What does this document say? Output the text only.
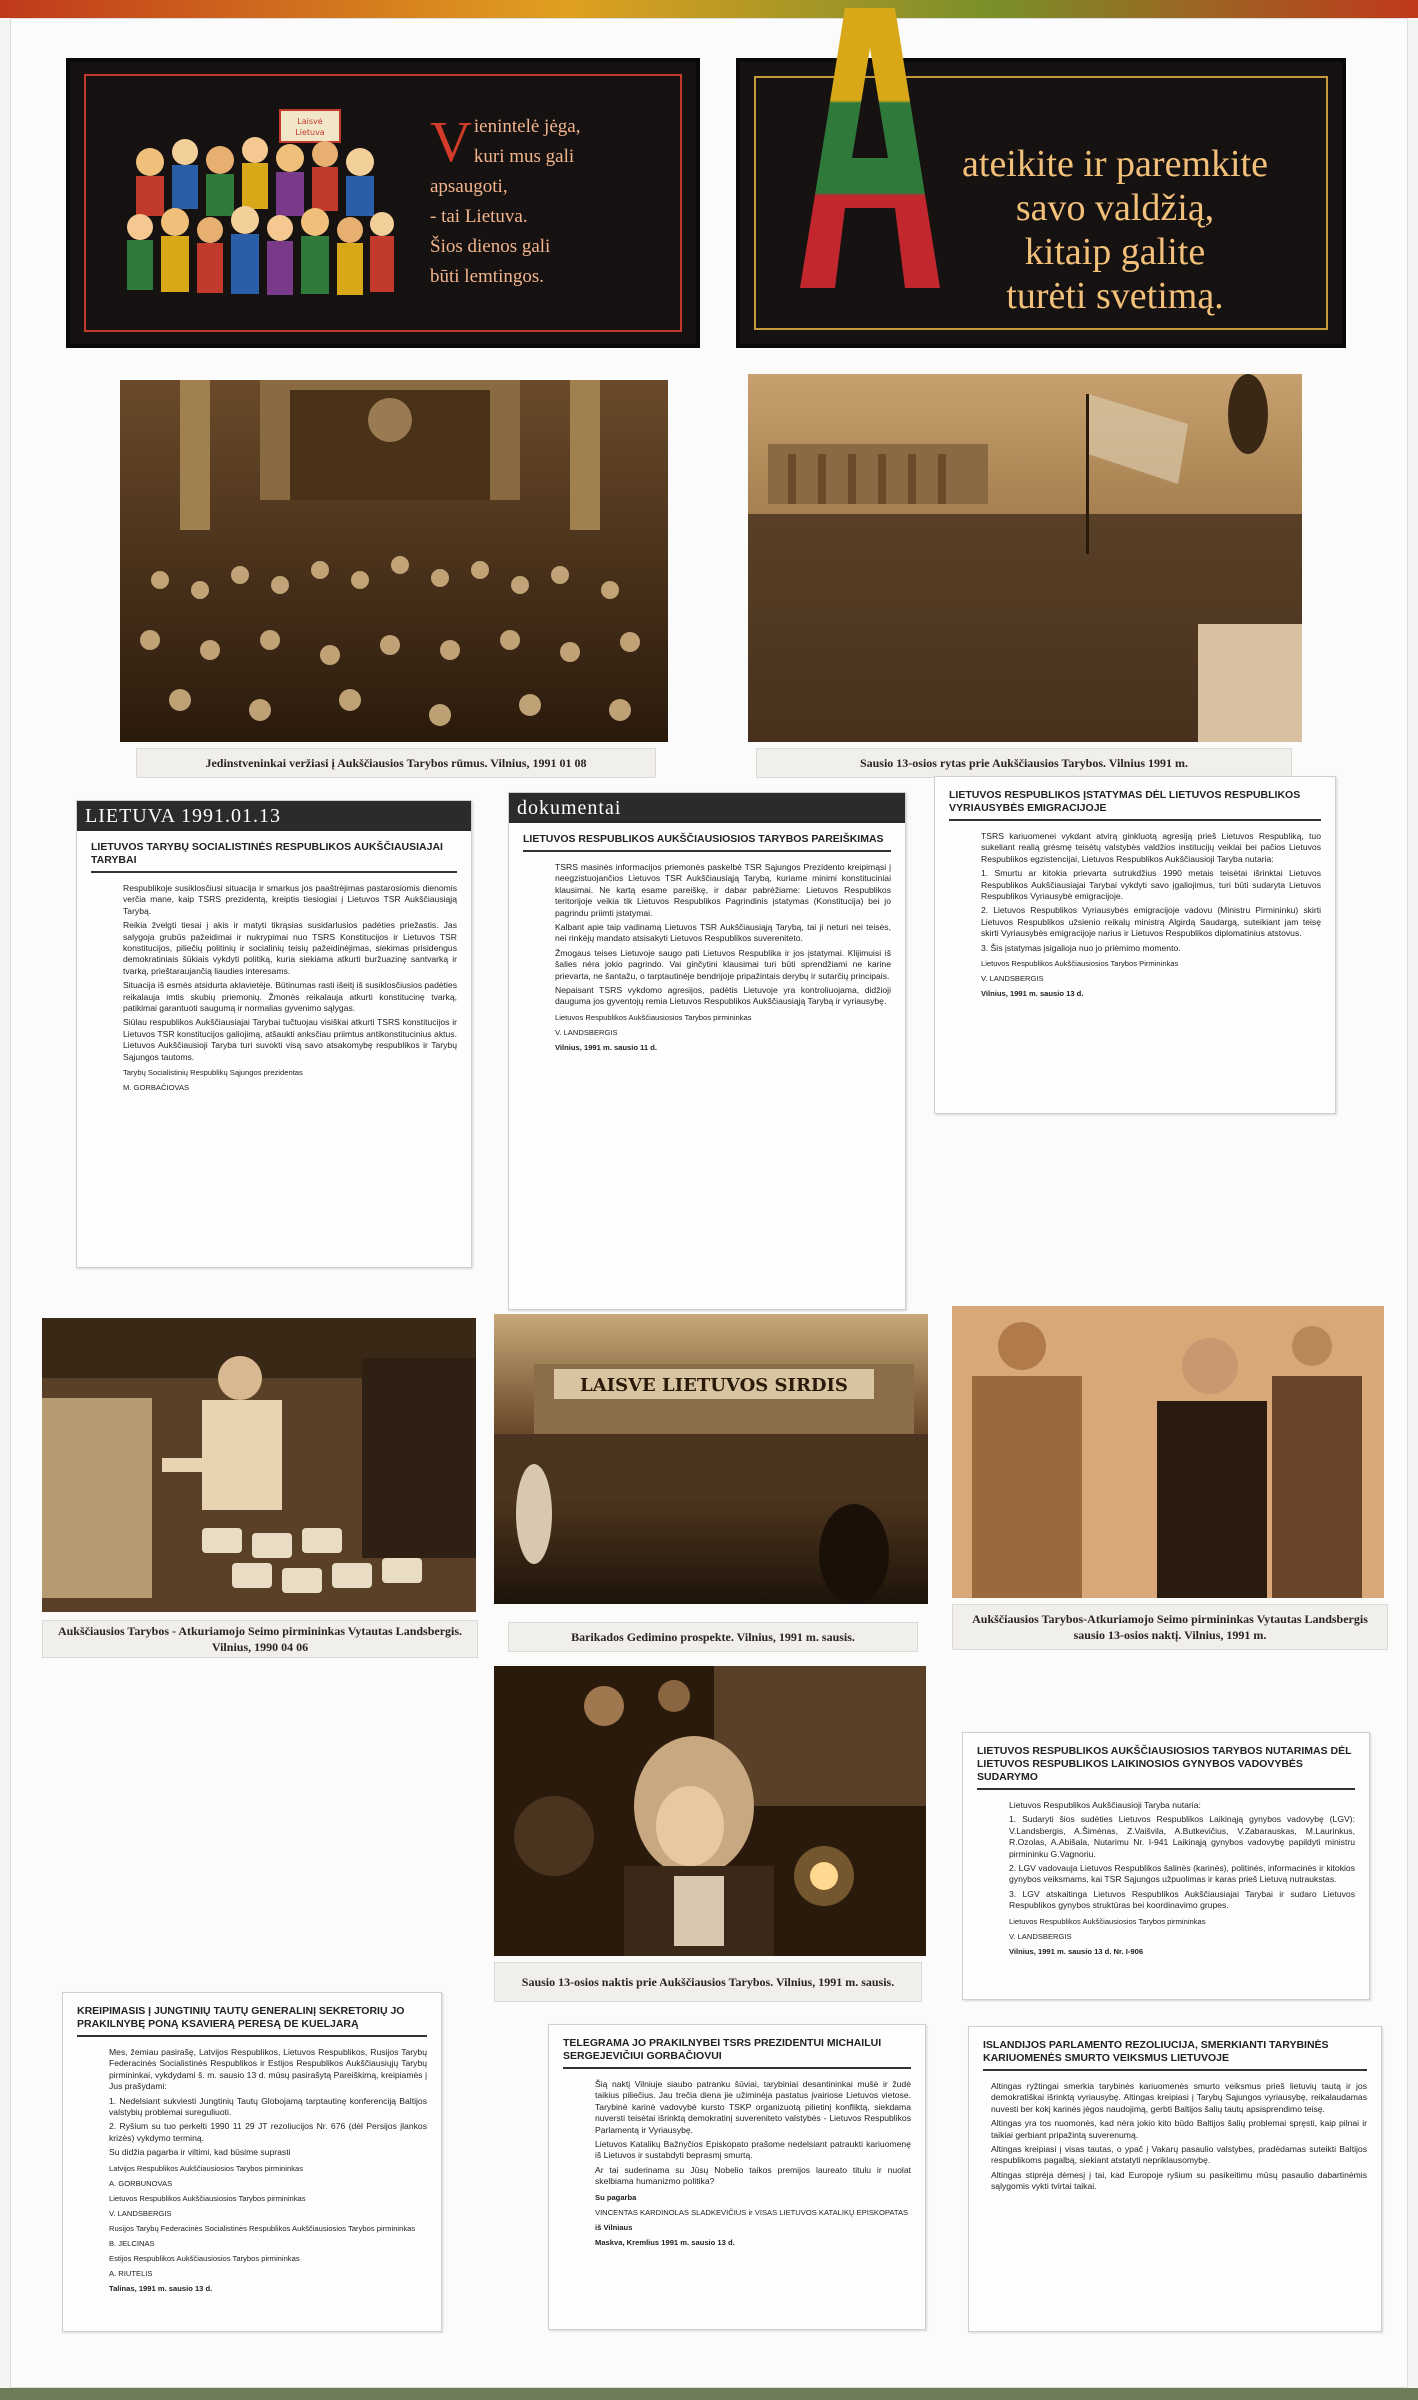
Laisvė
Lietuva V ienintelė jėga,
kuri mus gali
apsaugoti,
- tai Lietuva.
Šios dienos gali
būti lemtingos.
ateikite ir paremkite
savo valdžią,
kitaip galite
turėti svetimą.
Jedinstveninkai veržiasi į Aukščiausios Tarybos rūmus. Vilnius, 1991 01 08	Sausio 13-osios rytas prie Aukščiausios Tarybos. Vilnius 1991 m.
LIETUVA 1991.01.13
LIETUVOS TARYBŲ SOCIALISTINĖS RESPUBLIKOS AUKŠČIAUSIAJAI TARYBAI

Respublikoje susiklosčiusi situacija ir smarkus jos paaštrėjimas pastarosiomis dienomis verčia mane, kaip TSRS prezidentą, kreiptis tiesiogiai į Lietuvos TSR Aukščiausiąją Tarybą.

Reikia žvelgti tiesai į akis ir matyti tikrąsias susidarlusios padėties priežastis. Jas salygoja grubūs pažeidimai ir nukrypimai nuo TSRS Konstitucijos ir Lietuvos TSR konstitucijos, piliečių politinių ir socialinių teisių pažeidinėjimas, siekimas prisidengus demokratiniais šūkiais vykdyti politiką, kuria siekiama atkurti buržuazinę santvarką ir tvarką, prieštaraujančią liaudies interesams.

Situacija iš esmės atsidurta aklavietėje. Būtinumas rasti išeitį iš susiklosčiusios padėties reikalauja imtis skubių priemonių. Žmonės reikalauja atkurti konstitucinę tvarką, patikimai garantuoti saugumą ir normalias gyvenimo sąlygas.

Siūlau respublikos Aukščiausiajai Tarybai tučtuojau visiškai atkurti TSRS konstitucijos ir Lietuvos TSR konstitucijos galiojimą, atšaukti anksčiau priimtus antikonstitucinius aktus. Lietuvos Aukščiausioji Taryba turi suvokti visą savo atsakomybę respublikos ir Tarybų Sąjungos tautoms.

Tarybų Socialistinių Respublikų Sąjungos prezidentas
M. GORBAČIOVAS
dokumentai
LIETUVOS RESPUBLIKOS AUKŠČIAUSIOSIOS TARYBOS PAREIŠKIMAS

TSRS masinės informacijos priemonės paskelbė TSR Sąjungos Prezidento kreipimąsi į neegzistuojančios Lietuvos TSR Aukščiausiąją Tarybą, kuriame minimi konstituciniai klausimai. Ne kartą esame pareiškę, ir dabar pabrėžiame: Lietuvos Respublikos teritorijoje veikia tik Lietuvos Respublikos Pagrindinis įstatymas (Konstitucija) bei jo pagrindu priimti įstatymai.

Kalbant apie taip vadinamą Lietuvos TSR Aukščiausiąją Tarybą, tai ji neturi nei teisės, nei rinkėjų mandato atsisakyti Lietuvos Respublikos suvereniteto.

Žmogaus teises Lietuvoje saugo pati Lietuvos Respublika ir jos įstatymai. Klijimuisi iš šalies nėra jokio pagrindo. Vai ginčytini klausimai turi būti sprendžiami ne karine prievarta, ne šantažu, o tarptautinėje bendrijoje pripažintais derybų ir sutarčių principais.

Nepaisant TSRS vykdomo agresijos, padėtis Lietuvoje yra kontroliuojama, didžioji dauguma jos gyventojų remia Lietuvos Respublikos Aukščiausiąją Tarybą ir vyriausybę.

Lietuvos Respublikos Aukščiausiosios Tarybos pirmininkas
V. LANDSBERGIS
Vilnius, 1991 m. sausio 11 d.
LIETUVOS RESPUBLIKOS ĮSTATYMAS DĖL LIETUVOS RESPUBLIKOS VYRIAUSYBĖS EMIGRACIJOJE

TSRS kariuomenei vykdant atvirą ginkluotą agresiją prieš Lietuvos Respubliką, tuo sukeliant realią grėsmę teisėtų valstybės valdžios institucijų veiklai bei pačios Lietuvos Respublikos egzistencijai, Lietuvos Respublikos Aukščiausioji Taryba nutaria:

1. Smurtu ar kitokia prievarta sutrukdžius 1990 metais teisėtai išrinktai Lietuvos Respublikos Aukščiausiajai Tarybai vykdyti savo įgaliojimus, turi būti sudaryta Lietuvos Respublikos Vyriausybė emigracijoje.

2. Lietuvos Respublikos Vyriausybės emigracijoje vadovu (Ministru Pirmininku) skirti Lietuvos Respublikos užsienio reikalų ministrą Algirdą Saudargą, suteikiant jam teisę skirti Vyriausybės emigracijoje narius ir Lietuvos Respublikos diplomatinius atstovus.

3. Šis įstatymas įsigalioja nuo jo priėmimo momento.

Lietuvos Respublikos Aukščiausiosios Tarybos Pirmininkas
V. LANDSBERGIS
Vilnius, 1991 m. sausio 13 d.
Aukščiausios Tarybos - Atkuriamojo Seimo pirmininkas Vytautas Landsbergis. Vilnius, 1990 04 06
LAISVE LIETUVOS SIRDIS
Barikados Gedimino prospekte. Vilnius, 1991 m. sausis.
Aukščiausios Tarybos-Atkuriamojo Seimo pirmininkas Vytautas Landsbergis sausio 13-osios naktį. Vilnius, 1991 m.
Sausio 13-osios naktis prie Aukščiausios Tarybos. Vilnius, 1991 m. sausis.
LIETUVOS RESPUBLIKOS AUKŠČIAUSIOSIOS TARYBOS NUTARIMAS DĖL LIETUVOS RESPUBLIKOS LAIKINOSIOS GYNYBOS VADOVYBĖS SUDARYMO

Lietuvos Respublikos Aukščiausioji Taryba nutaria:

1. Sudaryti šios sudėties Lietuvos Respublikos Laikinąją gynybos vadovybę (LGV): V.Landsbergis, A.Šimėnas, Z.Vaišvila, A.Butkevičius, V.Zabarauskas, M.Laurinkus, R.Ozolas, A.Abišala, Nutarimu Nr. I-941 Laikinąją gynybos vadovybę papildyti ministru pirmininku G.Vagnoriu.

2. LGV vadovauja Lietuvos Respublikos šalinės (karinės), politinės, informacinės ir kitokios gynybos veiksmams, kai TSR Sąjungos užpuolimas ir karas prieš Lietuvą nutraukstas.

3. LGV atskaitinga Lietuvos Respublikos Aukščiausiajai Tarybai ir sudaro Lietuvos Respublikos gynybos struktūras bei koordinavimo grupes.

Lietuvos Respublikos Aukščiausiosios Tarybos pirmininkas
V. LANDSBERGIS
Vilnius, 1991 m. sausio 13 d. Nr. I-906
KREIPIMASIS Į JUNGTINIŲ TAUTŲ GENERALINĮ SEKRETORIŲ JO PRAKILNYBĘ PONĄ KSAVIERĄ PERESĄ DE KUELJARĄ

Mes, žemiau pasirašę, Latvijos Respublikos, Lietuvos Respublikos, Rusijos Tarybų Federacinės Socialistinės Respublikos ir Estijos Respublikos Aukščiausiųjų Tarybų pirmininkai, vykdydami š. m. sausio 13 d. mūsų pasirašytą Pareiškimą, kreipiamės į Jus prašydami:

1. Nedelsiant sukviesti Jungtinių Tautų Globojamą tarptautinę konferenciją Baltijos valstybių problemai sureguliuoti.

2. Ryšium su tuo perkelti 1990 11 29 JT rezoliucijos Nr. 676 (dėl Persijos įlankos krizės) vykdymo terminą.

Su didžia pagarba ir viltimi, kad būsime suprasti

Latvijos Respublikos Aukščiausiosios Tarybos pirmininkas
A. GORBUNOVAS
Lietuvos Respublikos Aukščiausiosios Tarybos pirmininkas
V. LANDSBERGIS
Rusijos Tarybų Federacinės Socialistinės Respublikos Aukščiausiosios Tarybos pirmininkas
B. JELCINAS
Estijos Respublikos Aukščiausiosios Tarybos pirmininkas
A. RIUTELIS
Talinas, 1991 m. sausio 13 d.
TELEGRAMA JO PRAKILNYBEI TSRS PREZIDENTUI MICHAILUI SERGEJEVIČIUI GORBAČIOVUI

Šią naktį Vilniuje siaubo patranku šūviai, tarybiniai desantininkai mušė ir žudė taikius piliečius. Jau trečia diena jie užiminėja pastatus įvairiose Lietuvos vietose. Tarybinė karinė vadovybė kursto TSKP organizuotą pilietinį konfliktą, siekdama nuversti teisėtai išrinktą demokratinį suvereniteto valstybės - Lietuvos Respublikos Parlamentą ir Vyriausybę.

Lietuvos Katalikų Bažnyčios Episkopato prašome nedelsiant patraukti kariuomenę iš Lietuvos ir sustabdyti beprasmį smurtą.

Ar tai suderinama su Jūsų Nobelio taikos premijos laureato titulu ir nuolat skelbiama humanizmo politika?

Su pagarba
VINCENTAS KARDINOLAS SLADKEVIČIUS ir VISAS LIETUVOS KATALIKŲ EPISKOPATAS
iš Vilniaus
Maskva, Kremlius 1991 m. sausio 13 d.
ISLANDIJOS PARLAMENTO REZOLIUCIJA, SMERKIANTI TARYBINĖS KARIUOMENĖS SMURTO VEIKSMUS LIETUVOJE

Altingas ryžtingai smerkia tarybinės kariuomenės smurto veiksmus prieš lietuvių tautą ir jos demokratiškai išrinktą vyriausybę. Altingas kreipiasi į Tarybų Sąjungos vyriausybę, reikalaudamas nuvesti ber kokį karinės jėgos naudojimą, gerbti Baltijos šalių tautų apsisprendimo teisę.

Altingas yra tos nuomonės, kad nėra jokio kito būdo Baltijos šalių problemai spręsti, kaip pilnai ir taikiai gerbiant pripažintą suverenumą.

Altingas kreipiasi į visas tautas, o ypač į Vakarų pasaulio valstybes, pradėdamas suteikti Baltijos respublikoms pagalbą, siekiant atstatyti nepriklausomybę.

Altingas stiprėja dėmesį į tai, kad Europoje ryšium su pasikeitimu mūsų pasaulio dabartinėmis sąlygomis vykti tvirtai taikai.
